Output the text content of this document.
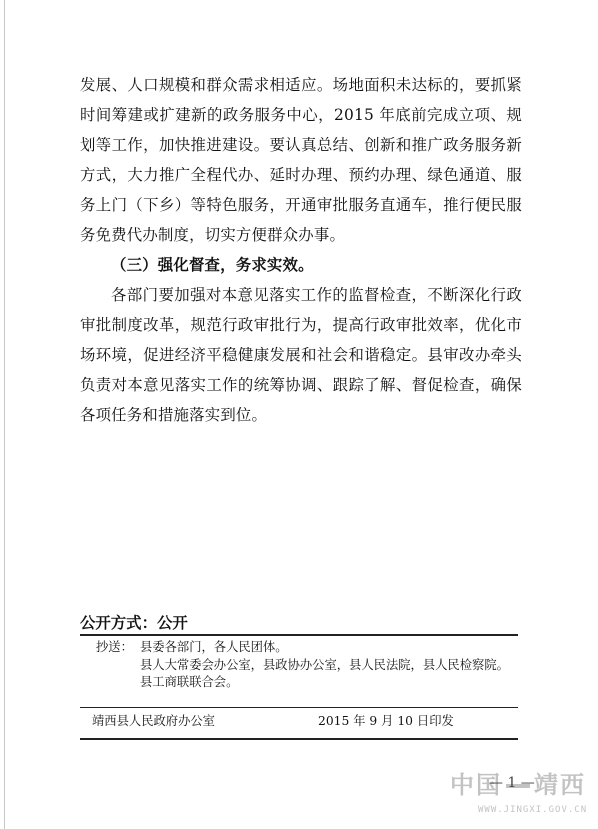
发展、人口规模和群众需求相适应。场地面积未达标的，要抓紧时间筹建或扩建新的政务服务中心，2015 年底前完成立项、规划等工作，加快推进建设。要认真总结、创新和推广政务服务新方式，大力推广全程代办、延时办理、预约办理、绿色通道、服务上门（下乡）等特色服务，开通审批服务直通车，推行便民服务免费代办制度，切实方便群众办事。

（三）强化督查，务求实效。

各部门要加强对本意见落实工作的监督检查，不断深化行政审批制度改革，规范行政审批行为，提高行政审批效率，优化市场环境，促进经济平稳健康发展和社会和谐稳定。县审改办牵头负责对本意见落实工作的统筹协调、跟踪了解、督促检查，确保各项任务和措施落实到位。

公开方式：公开
抄送： 县委各部门，各人民团体。
县人大常委会办公室，县政协办公室，县人民法院，县人民检察院。
县工商联联合会。
靖西县人民政府办公室	2015 年 9 月 10 日印发
中国 靖西
WWW.JINGXI.GOV.CN
— 1 —
